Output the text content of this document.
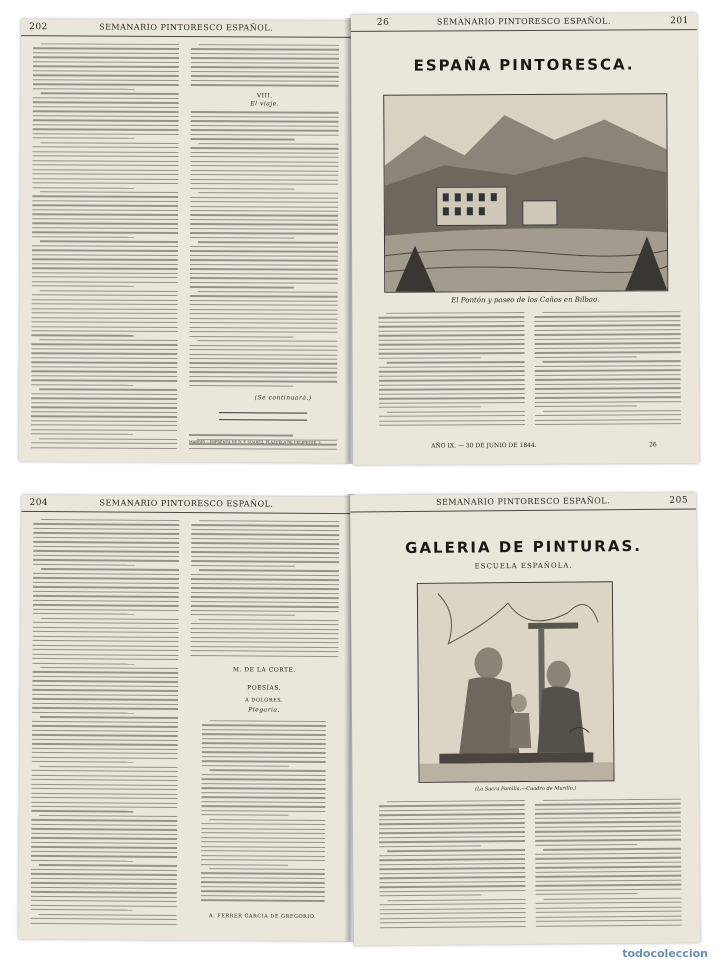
202	SEMANARIO PINTORESCO ESPAÑOL.
VIII.
El viaje.
(Se continuará.)
MADRID.—IMPRENTA DE D. F. SUAREZ, PLAZUELA DE CELENQUE, 3.
26	SEMANARIO PINTORESCO ESPAÑOL.	201
ESPAÑA PINTORESCA.
El Pontón y paseo de los Caños en Bilbao.
AÑO IX. — 30 DE JUNIO DE 1844.	26
204	SEMANARIO PINTORESCO ESPAÑOL.
M. DE LA CORTE.
POESÍAS.
A DOLORES.
Plegaria.
A. FERRER GARCIA DE GREGORIO.
SEMANARIO PINTORESCO ESPAÑOL.	205
GALERIA DE PINTURAS.
ESCUELA ESPAÑOLA.
(La Sacra Familia.—Cuadro de Murillo.)
todocoleccion
